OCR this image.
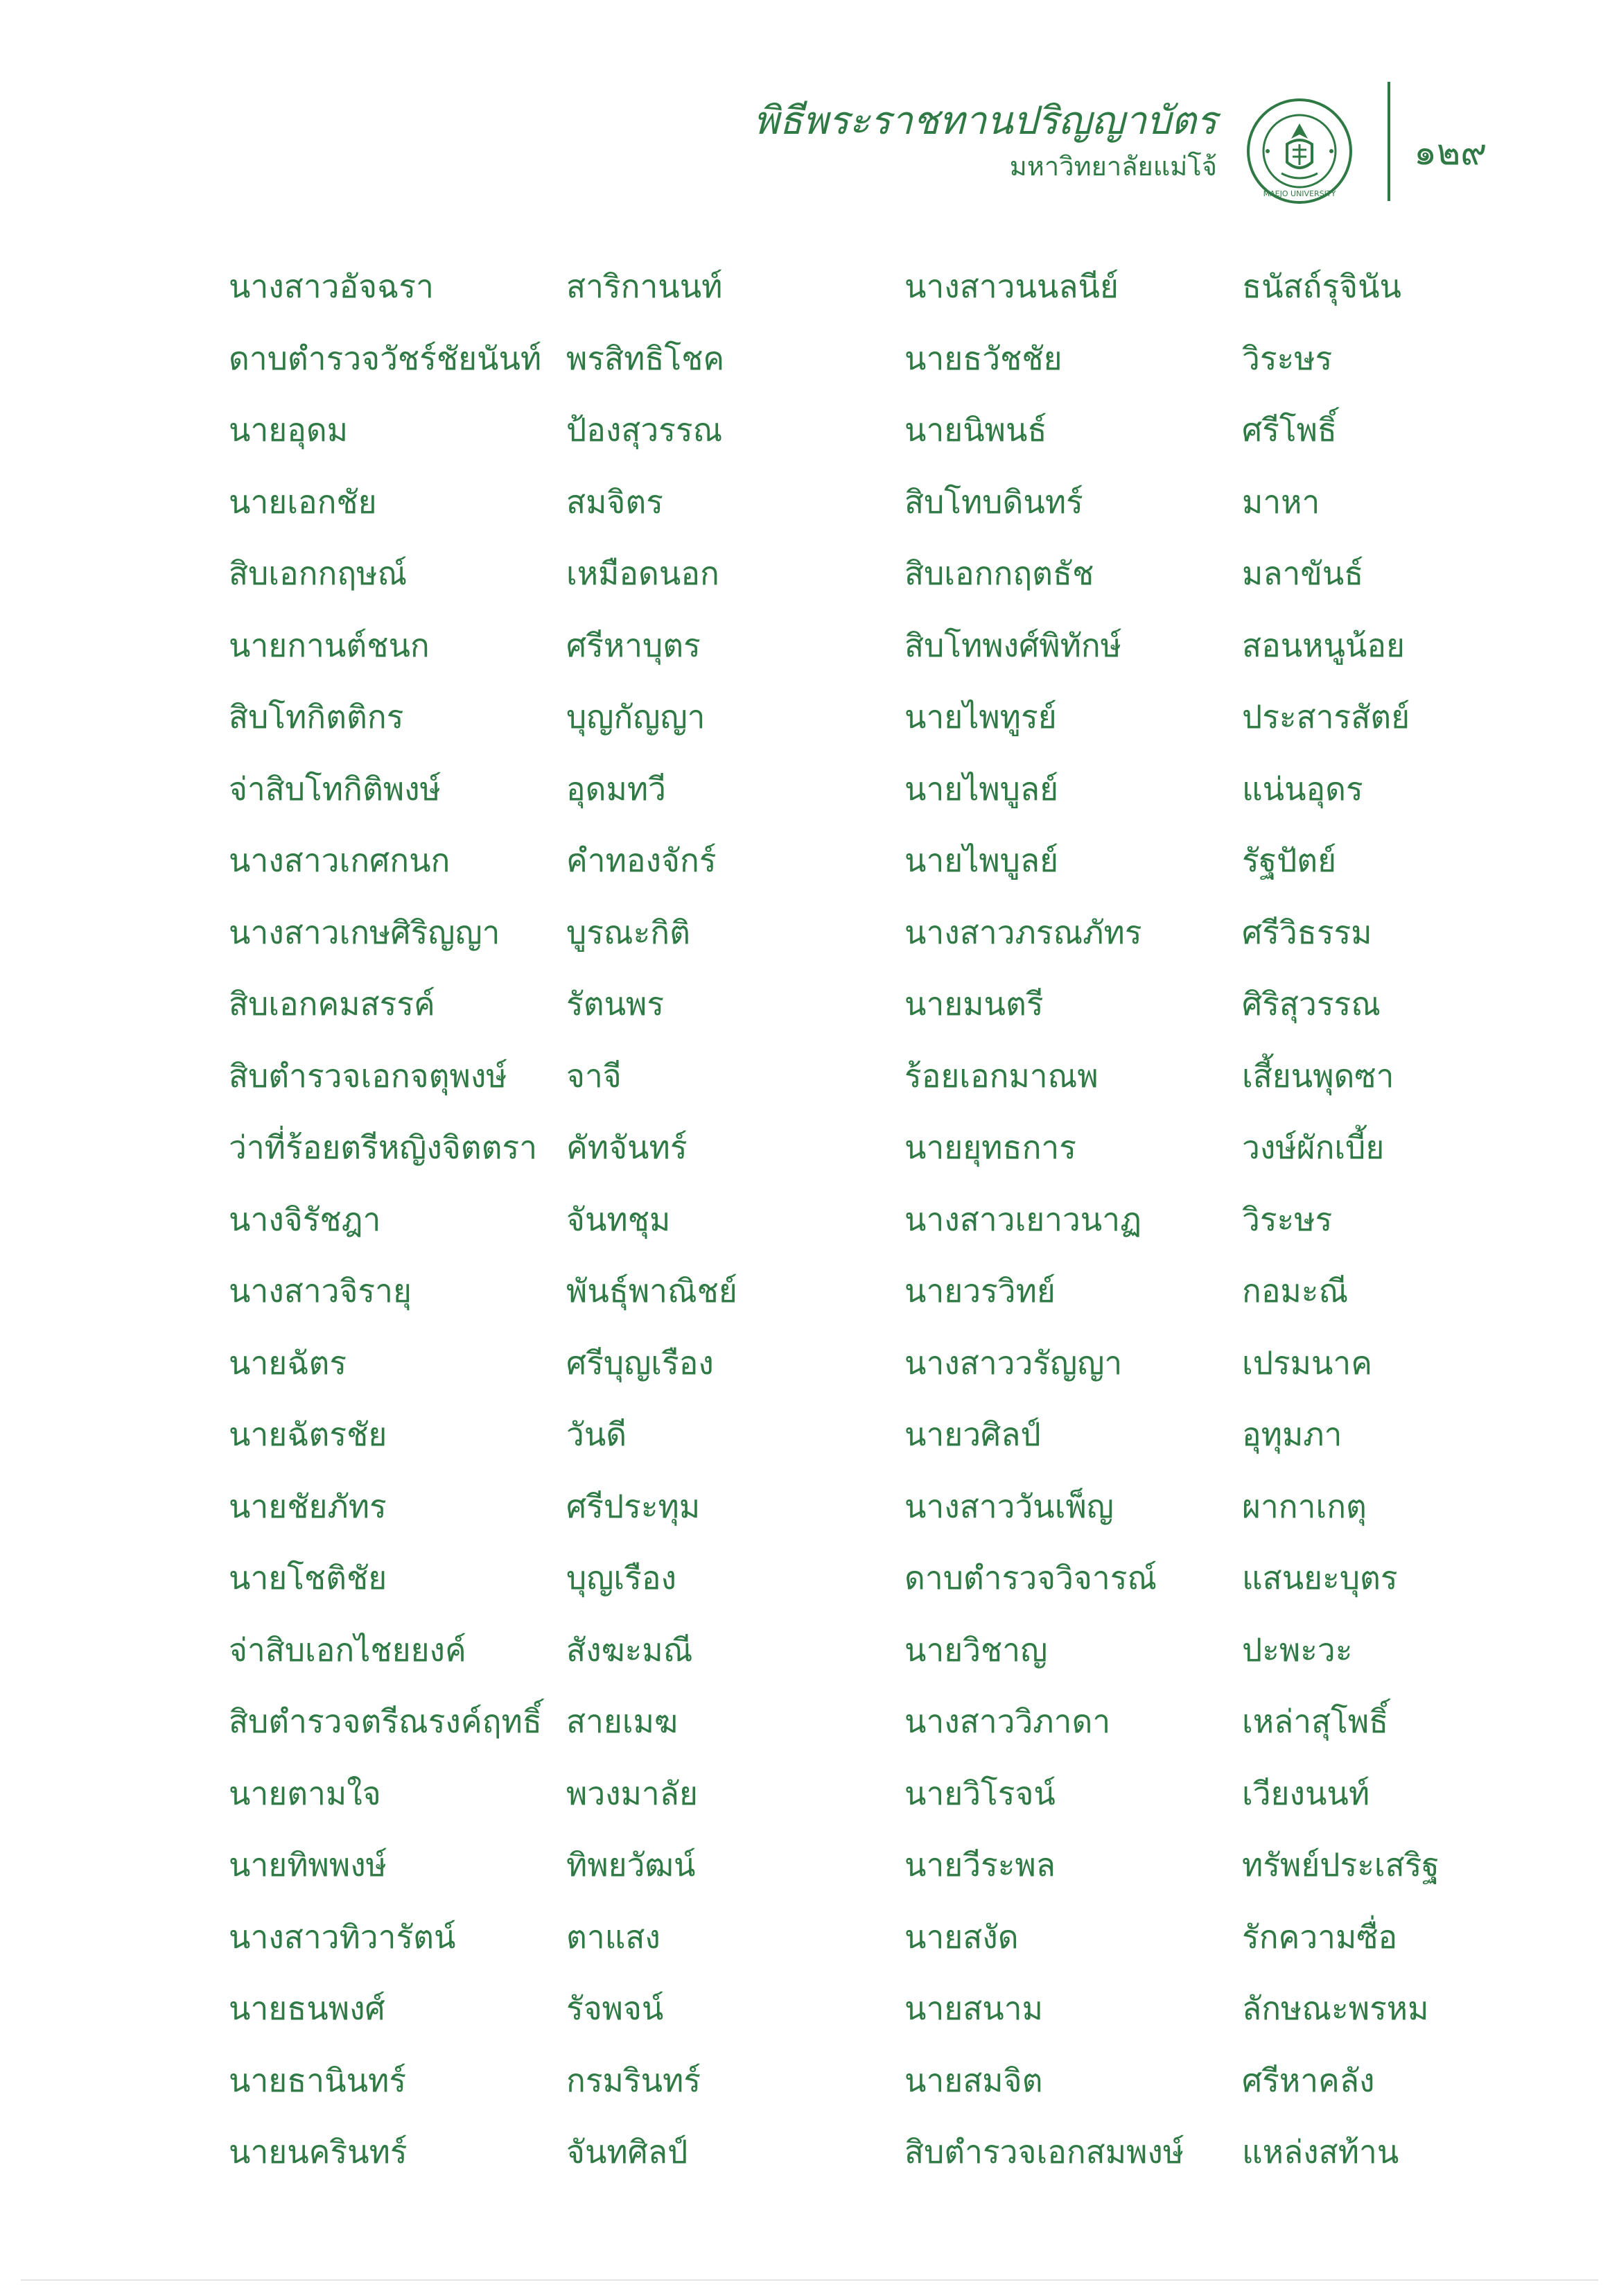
พิธีพระราชทานปริญญาบัตร
มหาวิทยาลัยแม่โจ้
MAEJO UNIVERSITY
๑๒๙
นางสาวอัจฉรา	สาริกานนท์	นางสาวนนลนีย์	ธนัสถ์รุจินัน
ดาบตำรวจวัชร์ชัยนันท์ พรสิทธิโชค	นายธวัชชัย	วิระษร
นายอุดม	ป้องสุวรรณ	นายนิพนธ์	ศรีโพธิ์
นายเอกชัย	สมจิตร	สิบโทบดินทร์	มาหา
สิบเอกกฤษณ์	เหมือดนอก	สิบเอกกฤตธัช	มลาขันธ์
นายกานต์ชนก	ศรีหาบุตร	สิบโทพงศ์พิทักษ์	สอนหนูน้อย
สิบโทกิตติกร	บุญกัญญา	นายไพทูรย์	ประสารสัตย์
จ่าสิบโทกิติพงษ์	อุดมทวี	นายไพบูลย์	แน่นอุดร
นางสาวเกศกนก	คำทองจักร์	นายไพบูลย์	รัฐปัตย์
นางสาวเกษศิริญญา บูรณะกิติ	นางสาวภรณภัทร	ศรีวิธรรม
สิบเอกคมสรรค์	รัตนพร	นายมนตรี	ศิริสุวรรณ
สิบตำรวจเอกจตุพงษ์ จาจี	ร้อยเอกมาณพ	เสี้ยนพุดซา
ว่าที่ร้อยตรีหญิงจิตตรา คัทจันทร์	นายยุทธการ	วงษ์ผักเบี้ย
นางจิรัชฎา	จันทชุม	นางสาวเยาวนาฏ	วิระษร
นางสาวจิรายุ	พันธุ์พาณิชย์	นายวรวิทย์	กอมะณี
นายฉัตร	ศรีบุญเรือง	นางสาววรัญญา	เปรมนาค
นายฉัตรชัย	วันดี	นายวศิลป์	อุทุมภา
นายชัยภัทร	ศรีประทุม	นางสาววันเพ็ญ	ผากาเกตุ
นายโชติชัย	บุญเรือง	ดาบตำรวจวิจารณ์	แสนยะบุตร
จ่าสิบเอกไชยยงค์	สังฆะมณี	นายวิชาญ	ปะพะวะ
สิบตำรวจตรีณรงค์ฤทธิ์ สายเมฆ	นางสาววิภาดา	เหล่าสุโพธิ์
นายตามใจ	พวงมาลัย	นายวิโรจน์	เวียงนนท์
นายทิพพงษ์	ทิพยวัฒน์	นายวีระพล	ทรัพย์ประเสริฐ
นางสาวทิวารัตน์	ตาแสง	นายสงัด	รักความซื่อ
นายธนพงศ์	รัจพจน์	นายสนาม	ลักษณะพรหม
นายธานินทร์	กรมรินทร์	นายสมจิต	ศรีหาคลัง
นายนครินทร์	จันทศิลป์	สิบตำรวจเอกสมพงษ์ แหล่งสท้าน
